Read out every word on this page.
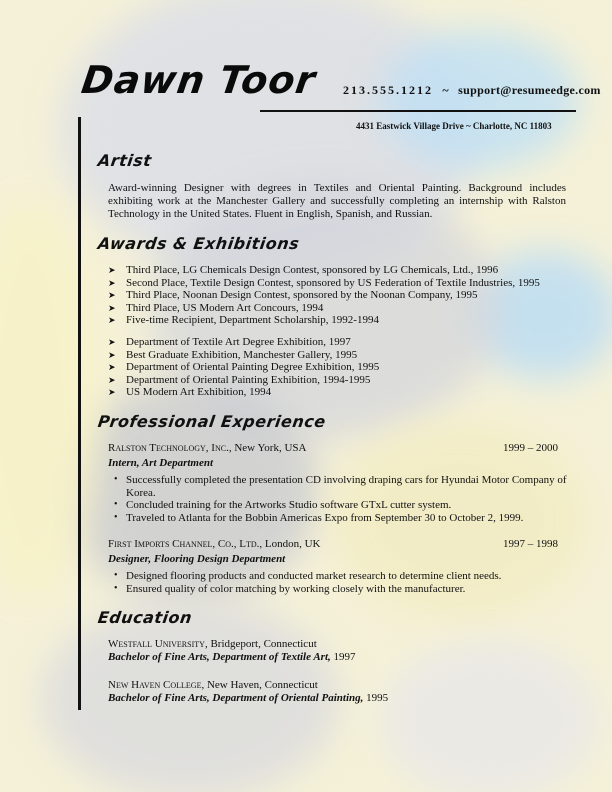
Dawn Toor 213.555.1212 ~ support@resumeedge.com
4431 Eastwick Village Drive ~ Charlotte, NC 11803
Artist
Award-winning Designer with degrees in Textiles and Oriental Painting. Background includes exhibiting work at the Manchester Gallery and successfully completing an internship with Ralston Technology in the United States. Fluent in English, Spanish, and Russian.
Awards & Exhibitions
➤ Third Place, LG Chemicals Design Contest, sponsored by LG Chemicals, Ltd., 1996
➤ Second Place, Textile Design Contest, sponsored by US Federation of Textile Industries, 1995
➤ Third Place, Noonan Design Contest, sponsored by the Noonan Company, 1995
➤ Third Place, US Modern Art Concours, 1994
➤ Five-time Recipient, Department Scholarship, 1992-1994
➤ Department of Textile Art Degree Exhibition, 1997
➤ Best Graduate Exhibition, Manchester Gallery, 1995
➤ Department of Oriental Painting Degree Exhibition, 1995
➤ Department of Oriental Painting Exhibition, 1994-1995
➤ US Modern Art Exhibition, 1994
Professional Experience
Ralston Technology, Inc., New York, USA	1999 – 2000
Intern, Art Department
• Successfully completed the presentation CD involving draping cars for Hyundai Motor Company of Korea.
• Concluded training for the Artworks Studio software GTxL cutter system.
• Traveled to Atlanta for the Bobbin Americas Expo from September 30 to October 2, 1999.
First Imports Channel, Co., Ltd., London, UK	1997 – 1998
Designer, Flooring Design Department
• Designed flooring products and conducted market research to determine client needs.
• Ensured quality of color matching by working closely with the manufacturer.
Education
Westfall University, Bridgeport, Connecticut
Bachelor of Fine Arts, Department of Textile Art, 1997
New Haven College, New Haven, Connecticut
Bachelor of Fine Arts, Department of Oriental Painting, 1995
